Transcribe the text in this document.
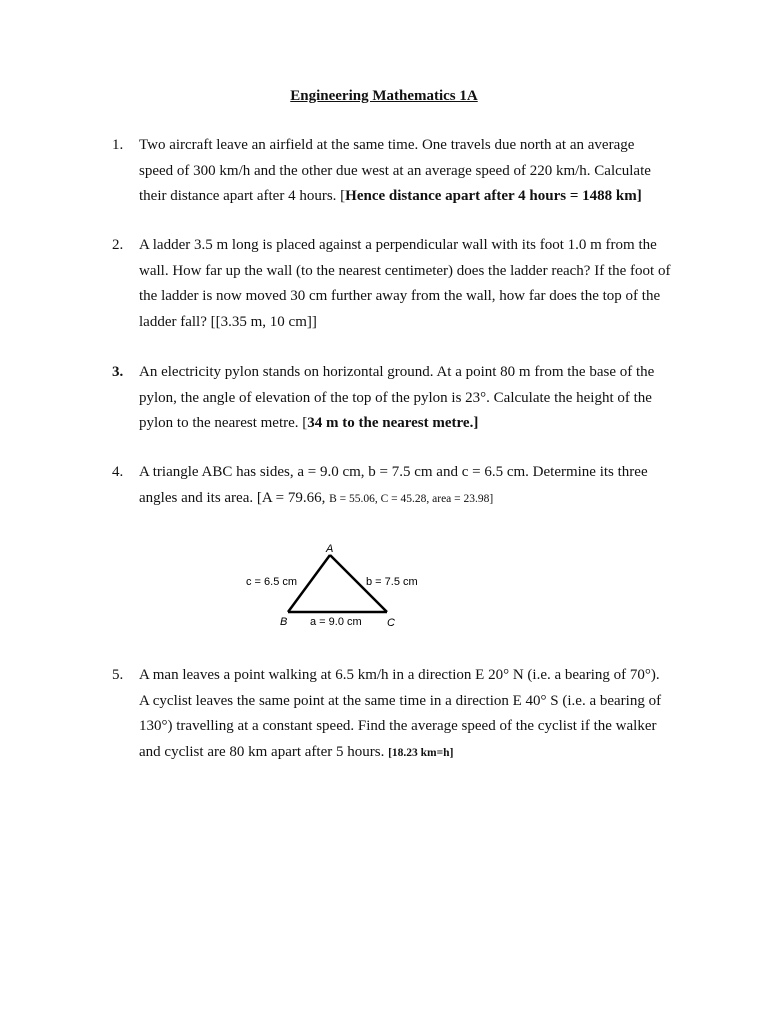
Engineering Mathematics 1A
1.	Two aircraft leave an airfield at the same time. One travels due north at an average speed of 300 km/h and the other due west at an average speed of 220 km/h. Calculate their distance apart after 4 hours. [Hence distance apart after 4 hours = 1488 km]
2.	A ladder 3.5 m long is placed against a perpendicular wall with its foot 1.0 m from the wall. How far up the wall (to the nearest centimeter) does the ladder reach? If the foot of the ladder is now moved 30 cm further away from the wall, how far does the top of the ladder fall? [[3.35 m, 10 cm]]
3.	An electricity pylon stands on horizontal ground. At a point 80 m from the base of the pylon, the angle of elevation of the top of the pylon is 23°. Calculate the height of the pylon to the nearest metre. [34 m to the nearest metre.]
4.	A triangle ABC has sides, a = 9.0 cm, b = 7.5 cm and c = 6.5 cm. Determine its three angles and its area. [A = 79.66, B = 55.06, C = 45.28, area = 23.98]
A
B	C
c = 6.5 cm	b = 7.5 cm
a = 9.0 cm
5.	A man leaves a point walking at 6.5 km/h in a direction E 20° N (i.e. a bearing of 70°). A cyclist leaves the same point at the same time in a direction E 40° S (i.e. a bearing of 130°) travelling at a constant speed. Find the average speed of the cyclist if the walker and cyclist are 80 km apart after 5 hours. [18.23 km=h]
